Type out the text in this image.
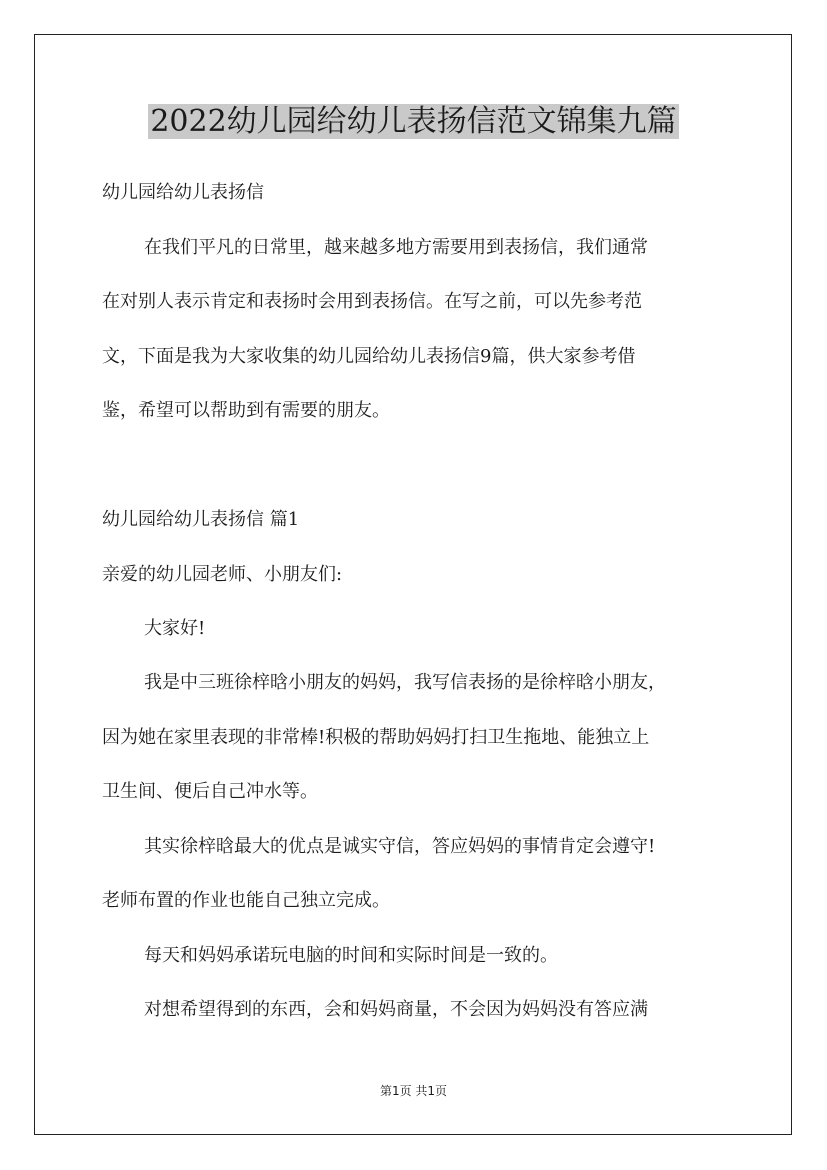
2022幼儿园给幼儿表扬信范文锦集九篇
幼儿园给幼儿表扬信
在我们平凡的日常里，越来越多地方需要用到表扬信，我们通常
在对别人表示肯定和表扬时会用到表扬信。在写之前，可以先参考范
文，下面是我为大家收集的幼儿园给幼儿表扬信9篇，供大家参考借
鉴，希望可以帮助到有需要的朋友。
幼儿园给幼儿表扬信 篇1
亲爱的幼儿园老师、小朋友们:
大家好!
我是中三班徐梓晗小朋友的妈妈，我写信表扬的是徐梓晗小朋友，
因为她在家里表现的非常棒!积极的帮助妈妈打扫卫生拖地、能独立上
卫生间、便后自己冲水等。
其实徐梓晗最大的优点是诚实守信，答应妈妈的事情肯定会遵守!
老师布置的作业也能自己独立完成。
每天和妈妈承诺玩电脑的时间和实际时间是一致的。
对想希望得到的东西，会和妈妈商量，不会因为妈妈没有答应满
第1页 共1页
